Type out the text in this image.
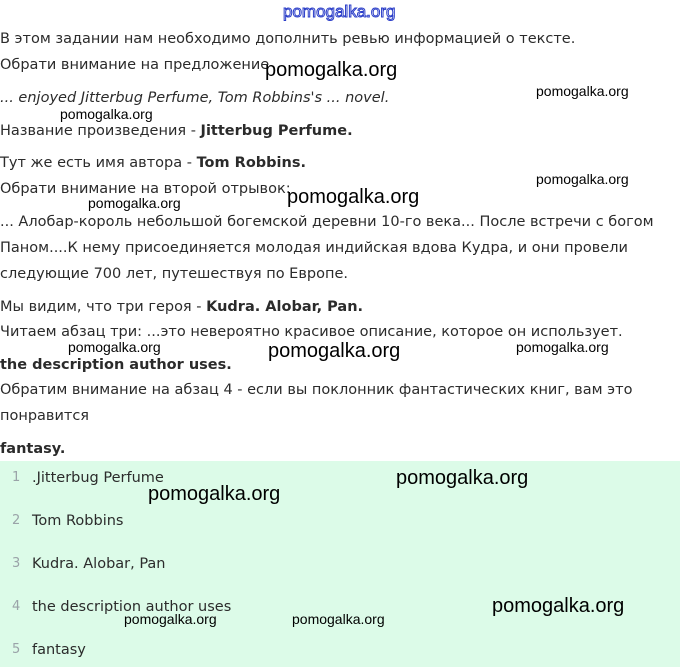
pomogalka.org
В этом задании нам необходимо дополнить ревью информацией о тексте.
Обрати внимание на предложение
... enjoyed Jitterbug Perfume, Tom Robbins's ... novel.
Название произведения - Jitterbug Perfume.
Тут же есть имя автора - Tom Robbins.
Обрати внимание на второй отрывок:
... Алобар-король небольшой богемской деревни 10-го века... После встречи с богом
Паном....К нему присоединяется молодая индийская вдова Кудра, и они провели
следующие 700 лет, путешествуя по Европе.
Мы видим, что три героя - Kudra. Alobar, Pan.
Читаем абзац три: ...это невероятно красивое описание, которое он использует.
the description author uses.
Обратим внимание на абзац 4 - если вы поклонник фантастических книг, вам это
понравится
fantasy.
1 .Jitterbug Perfume
2 Tom Robbins
3 Kudra. Alobar, Pan
4 the description author uses
5 fantasy
pomogalka.org
pomogalka.org
pomogalka.org
pomogalka.org
pomogalka.org
pomogalka.org
pomogalka.org	pomogalka.org	pomogalka.org
pomogalka.org
pomogalka.org
pomogalka.org
pomogalka.org	pomogalka.org
